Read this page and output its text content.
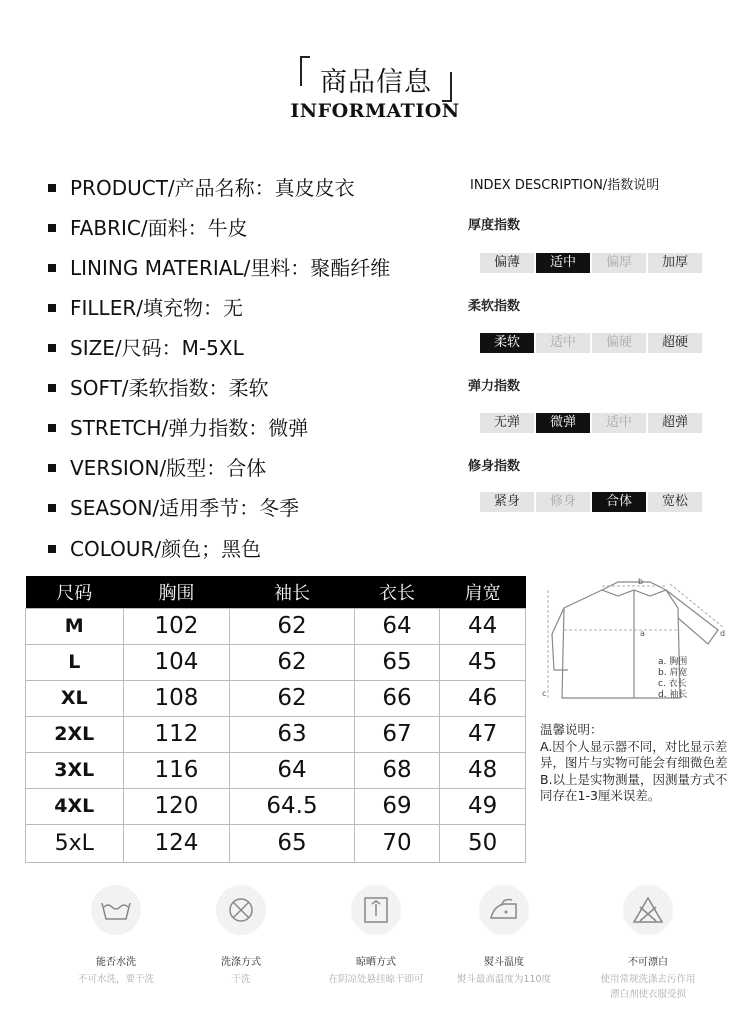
商品信息
INFORMATION
PRODUCT/产品名称：真皮皮衣
FABRIC/面料：牛皮
LINING MATERIAL/里料：聚酯纤维
FILLER/填充物：无
SIZE/尺码：M-5XL
SOFT/柔软指数：柔软
STRETCH/弹力指数：微弹
VERSION/版型：合体
SEASON/适用季节：冬季
COLOUR/颜色；黑色
INDEX DESCRIPTION/指数说明
厚度指数
偏薄	适中	偏厚	加厚
柔软指数
柔软	适中	偏硬	超硬
弹力指数
无弹	微弹	适中	超弹
修身指数
紧身	修身	合体	宽松
尺码	胸围	袖长	衣长	肩宽
M	102	62	64	44
L	104	62	65	45
XL	108	62	66	46
2XL	112	63	67	47
3XL	116	64	68	48
4XL	120	64.5	69	49
5xL	124	65	70	50
a
b
c
d
a. 胸围
b. 肩宽
c. 衣长
d. 袖长
温馨说明：
A.因个人显示器不同，对比显示差异，图片与实物可能会有细微色差
B.以上是实物测量，因测量方式不同存在1-3厘米误差。
能否水洗
不可水洗，要干洗
洗涤方式
干洗
晾晒方式
在阴凉处悬挂晾干即可
熨斗温度
熨斗最高温度为110度
不可漂白
使用常规洗涤去污作用
漂白剂使衣服受损
